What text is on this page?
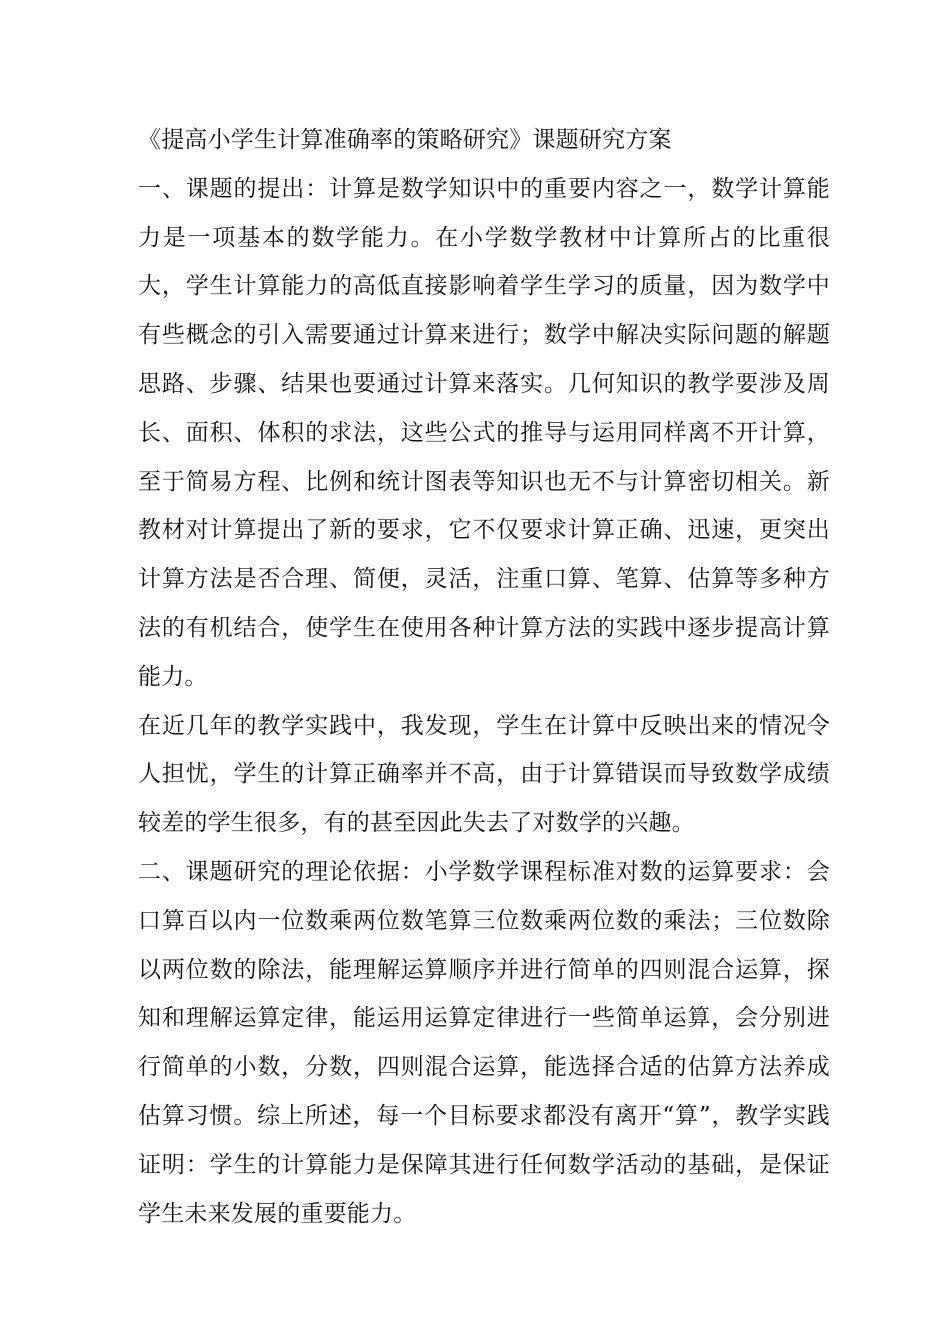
《提高小学生计算准确率的策略研究》课题研究方案

一、课题的提出：计算是数学知识中的重要内容之一，数学计算能力是一项基本的数学能力。在小学数学教材中计算所占的比重很大，学生计算能力的高低直接影响着学生学习的质量，因为数学中有些概念的引入需要通过计算来进行；数学中解决实际问题的解题思路、步骤、结果也要通过计算来落实。几何知识的教学要涉及周长、面积、体积的求法，这些公式的推导与运用同样离不开计算，至于简易方程、比例和统计图表等知识也无不与计算密切相关。新教材对计算提出了新的要求，它不仅要求计算正确、迅速，更突出计算方法是否合理、简便，灵活，注重口算、笔算、估算等多种方法的有机结合，使学生在使用各种计算方法的实践中逐步提高计算能力。

在近几年的教学实践中，我发现，学生在计算中反映出来的情况令人担忧，学生的计算正确率并不高，由于计算错误而导致数学成绩较差的学生很多，有的甚至因此失去了对数学的兴趣。

二、课题研究的理论依据：小学数学课程标准对数的运算要求：会口算百以内一位数乘两位数笔算三位数乘两位数的乘法；三位数除以两位数的除法，能理解运算顺序并进行简单的四则混合运算，探知和理解运算定律，能运用运算定律进行一些简单运算，会分别进行简单的小数，分数，四则混合运算，能选择合适的估算方法养成估算习惯。综上所述，每一个目标要求都没有离开“算”，教学实践证明：学生的计算能力是保障其进行任何数学活动的基础，是保证学生未来发展的重要能力。
